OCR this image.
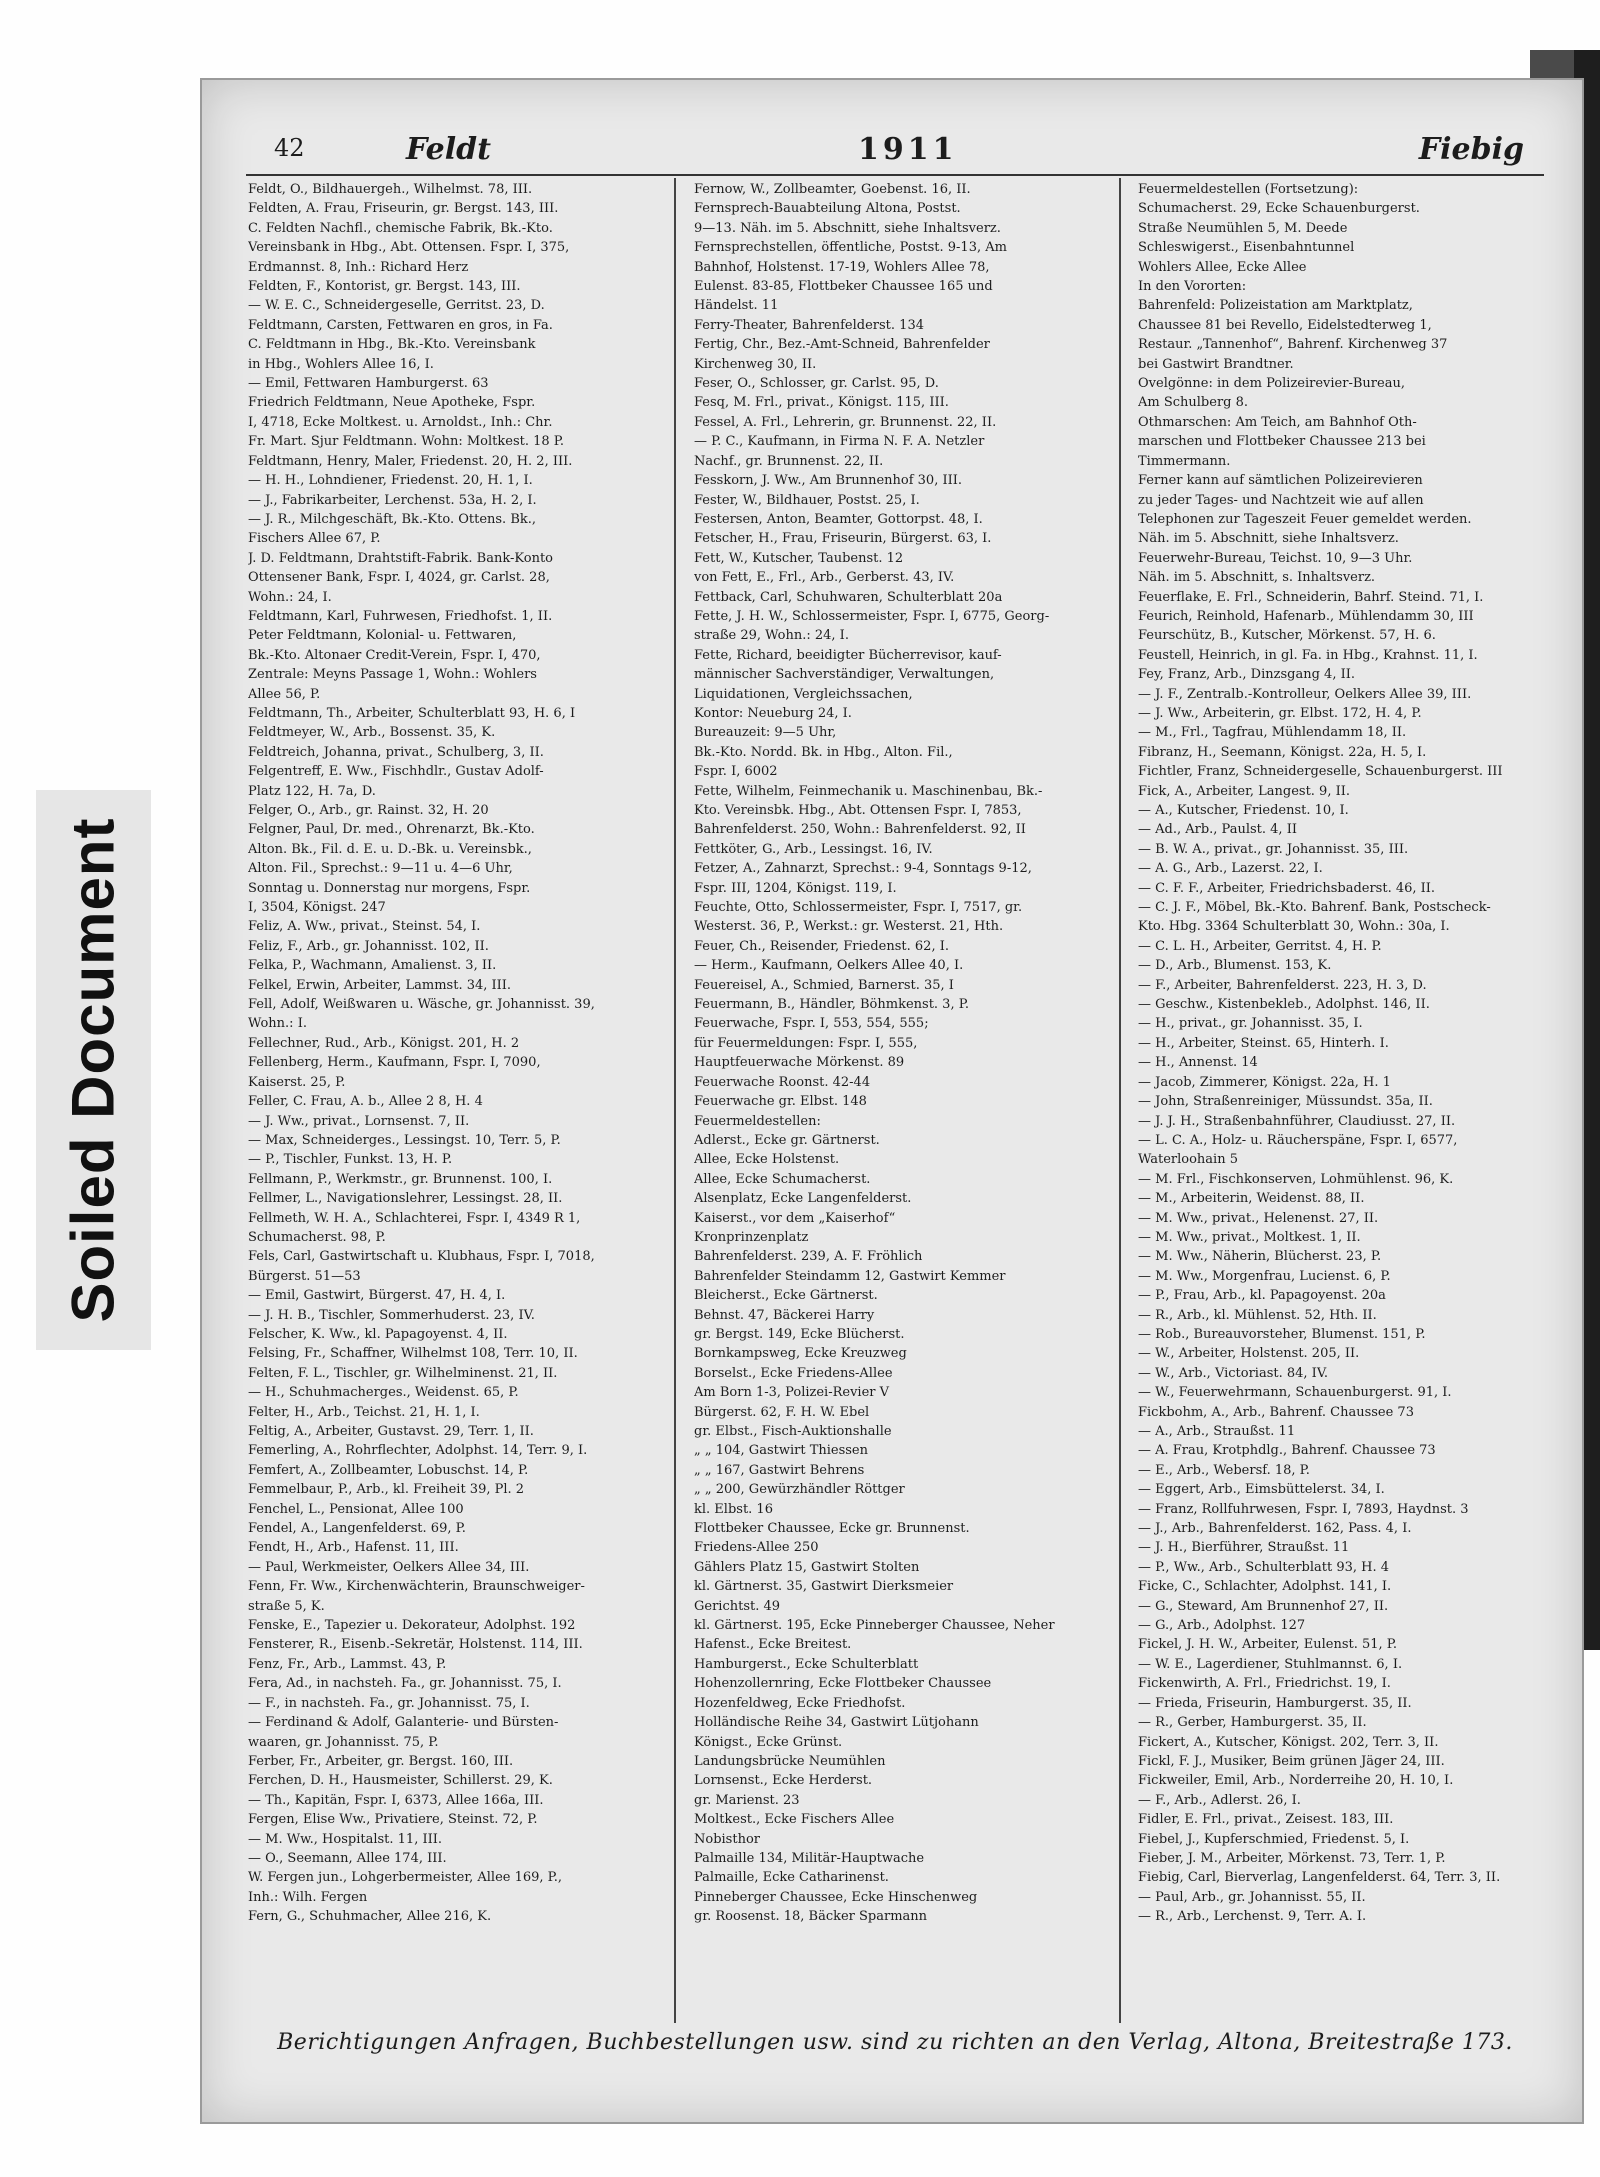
Soiled Document
42	Feldt	1911	Fiebig
Feldt, O., Bildhauergeh., Wilhelmst. 78, III.
Feldten, A. Frau, Friseurin, gr. Bergst. 143, III.
C. Feldten Nachfl., chemische Fabrik, Bk.-Kto.
Vereinsbank in Hbg., Abt. Ottensen. Fspr. I, 375,
Erdmannst. 8, Inh.: Richard Herz
Feldten, F., Kontorist, gr. Bergst. 143, III.
— W. E. C., Schneidergeselle, Gerritst. 23, D.
Feldtmann, Carsten, Fettwaren en gros, in Fa.
C. Feldtmann in Hbg., Bk.-Kto. Vereinsbank
in Hbg., Wohlers Allee 16, I.
— Emil, Fettwaren Hamburgerst. 63
Friedrich Feldtmann, Neue Apotheke, Fspr.
I, 4718, Ecke Moltkest. u. Arnoldst., Inh.: Chr.
Fr. Mart. Sjur Feldtmann. Wohn: Moltkest. 18 P.
Feldtmann, Henry, Maler, Friedenst. 20, H. 2, III.
— H. H., Lohndiener, Friedenst. 20, H. 1, I.
— J., Fabrikarbeiter, Lerchenst. 53a, H. 2, I.
— J. R., Milchgeschäft, Bk.-Kto. Ottens. Bk.,
Fischers Allee 67, P.
J. D. Feldtmann, Drahtstift-Fabrik. Bank-Konto
Ottensener Bank, Fspr. I, 4024, gr. Carlst. 28,
Wohn.: 24, I.
Feldtmann, Karl, Fuhrwesen, Friedhofst. 1, II.
Peter Feldtmann, Kolonial- u. Fettwaren,
Bk.-Kto. Altonaer Credit-Verein, Fspr. I, 470,
Zentrale: Meyns Passage 1, Wohn.: Wohlers
Allee 56, P.
Feldtmann, Th., Arbeiter, Schulterblatt 93, H. 6, I
Feldtmeyer, W., Arb., Bossenst. 35, K.
Feldtreich, Johanna, privat., Schulberg, 3, II.
Felgentreff, E. Ww., Fischhdlr., Gustav Adolf-
Platz 122, H. 7a, D.
Felger, O., Arb., gr. Rainst. 32, H. 20
Felgner, Paul, Dr. med., Ohrenarzt, Bk.-Kto.
Alton. Bk., Fil. d. E. u. D.-Bk. u. Vereinsbk.,
Alton. Fil., Sprechst.: 9—11 u. 4—6 Uhr,
Sonntag u. Donnerstag nur morgens, Fspr.
I, 3504, Königst. 247
Feliz, A. Ww., privat., Steinst. 54, I.
Feliz, F., Arb., gr. Johannisst. 102, II.
Felka, P., Wachmann, Amalienst. 3, II.
Felkel, Erwin, Arbeiter, Lammst. 34, III.
Fell, Adolf, Weißwaren u. Wäsche, gr. Johannisst. 39,
Wohn.: I.
Fellechner, Rud., Arb., Königst. 201, H. 2
Fellenberg, Herm., Kaufmann, Fspr. I, 7090,
Kaiserst. 25, P.
Feller, C. Frau, A. b., Allee 2 8, H. 4
— J. Ww., privat., Lornsenst. 7, II.
— Max, Schneiderges., Lessingst. 10, Terr. 5, P.
— P., Tischler, Funkst. 13, H. P.
Fellmann, P., Werkmstr., gr. Brunnenst. 100, I.
Fellmer, L., Navigationslehrer, Lessingst. 28, II.
Fellmeth, W. H. A., Schlachterei, Fspr. I, 4349 R 1,
Schumacherst. 98, P.
Fels, Carl, Gastwirtschaft u. Klubhaus, Fspr. I, 7018,
Bürgerst. 51—53
— Emil, Gastwirt, Bürgerst. 47, H. 4, I.
— J. H. B., Tischler, Sommerhuderst. 23, IV.
Felscher, K. Ww., kl. Papagoyenst. 4, II.
Felsing, Fr., Schaffner, Wilhelmst 108, Terr. 10, II.
Felten, F. L., Tischler, gr. Wilhelminenst. 21, II.
— H., Schuhmacherges., Weidenst. 65, P.
Felter, H., Arb., Teichst. 21, H. 1, I.
Feltig, A., Arbeiter, Gustavst. 29, Terr. 1, II.
Femerling, A., Rohrflechter, Adolphst. 14, Terr. 9, I.
Femfert, A., Zollbeamter, Lobuschst. 14, P.
Femmelbaur, P., Arb., kl. Freiheit 39, Pl. 2
Fenchel, L., Pensionat, Allee 100
Fendel, A., Langenfelderst. 69, P.
Fendt, H., Arb., Hafenst. 11, III.
— Paul, Werkmeister, Oelkers Allee 34, III.
Fenn, Fr. Ww., Kirchenwächterin, Braunschweiger-
straße 5, K.
Fenske, E., Tapezier u. Dekorateur, Adolphst. 192
Fensterer, R., Eisenb.-Sekretär, Holstenst. 114, III.
Fenz, Fr., Arb., Lammst. 43, P.
Fera, Ad., in nachsteh. Fa., gr. Johannisst. 75, I.
— F., in nachsteh. Fa., gr. Johannisst. 75, I.
— Ferdinand & Adolf, Galanterie- und Bürsten-
waaren, gr. Johannisst. 75, P.
Ferber, Fr., Arbeiter, gr. Bergst. 160, III.
Ferchen, D. H., Hausmeister, Schillerst. 29, K.
— Th., Kapitän, Fspr. I, 6373, Allee 166a, III.
Fergen, Elise Ww., Privatiere, Steinst. 72, P.
— M. Ww., Hospitalst. 11, III.
— O., Seemann, Allee 174, III.
W. Fergen jun., Lohgerbermeister, Allee 169, P.,
Inh.: Wilh. Fergen
Fern, G., Schuhmacher, Allee 216, K.
Fernow, W., Zollbeamter, Goebenst. 16, II.
Fernsprech-Bauabteilung Altona, Postst.
9—13. Näh. im 5. Abschnitt, siehe Inhaltsverz.
Fernsprechstellen, öffentliche, Postst. 9-13, Am
Bahnhof, Holstenst. 17-19, Wohlers Allee 78,
Eulenst. 83-85, Flottbeker Chaussee 165 und
Händelst. 11
Ferry-Theater, Bahrenfelderst. 134
Fertig, Chr., Bez.-Amt-Schneid, Bahrenfelder
Kirchenweg 30, II.
Feser, O., Schlosser, gr. Carlst. 95, D.
Fesq, M. Frl., privat., Königst. 115, III.
Fessel, A. Frl., Lehrerin, gr. Brunnenst. 22, II.
— P. C., Kaufmann, in Firma N. F. A. Netzler
Nachf., gr. Brunnenst. 22, II.
Fesskorn, J. Ww., Am Brunnenhof 30, III.
Fester, W., Bildhauer, Postst. 25, I.
Festersen, Anton, Beamter, Gottorpst. 48, I.
Fetscher, H., Frau, Friseurin, Bürgerst. 63, I.
Fett, W., Kutscher, Taubenst. 12
von Fett, E., Frl., Arb., Gerberst. 43, IV.
Fettback, Carl, Schuhwaren, Schulterblatt 20a
Fette, J. H. W., Schlossermeister, Fspr. I, 6775, Georg-
straße 29, Wohn.: 24, I.
Fette, Richard, beeidigter Bücherrevisor, kauf-
männischer Sachverständiger, Verwaltungen,
Liquidationen, Vergleichssachen,
Kontor: Neueburg 24, I.
Bureauzeit: 9—5 Uhr,
Bk.-Kto. Nordd. Bk. in Hbg., Alton. Fil.,
Fspr. I, 6002
Fette, Wilhelm, Feinmechanik u. Maschinenbau, Bk.-
Kto. Vereinsbk. Hbg., Abt. Ottensen Fspr. I, 7853,
Bahrenfelderst. 250, Wohn.: Bahrenfelderst. 92, II
Fettköter, G., Arb., Lessingst. 16, IV.
Fetzer, A., Zahnarzt, Sprechst.: 9-4, Sonntags 9-12,
Fspr. III, 1204, Königst. 119, I.
Feuchte, Otto, Schlossermeister, Fspr. I, 7517, gr.
Westerst. 36, P., Werkst.: gr. Westerst. 21, Hth.
Feuer, Ch., Reisender, Friedenst. 62, I.
— Herm., Kaufmann, Oelkers Allee 40, I.
Feuereisel, A., Schmied, Barnerst. 35, I
Feuermann, B., Händler, Böhmkenst. 3, P.
Feuerwache, Fspr. I, 553, 554, 555;
für Feuermeldungen: Fspr. I, 555,
Hauptfeuerwache Mörkenst. 89
Feuerwache Roonst. 42-44
Feuerwache gr. Elbst. 148
Feuermeldestellen:
Adlerst., Ecke gr. Gärtnerst.
Allee, Ecke Holstenst.
Allee, Ecke Schumacherst.
Alsenplatz, Ecke Langenfelderst.
Kaiserst., vor dem „Kaiserhof“
Kronprinzenplatz
Bahrenfelderst. 239, A. F. Fröhlich
Bahrenfelder Steindamm 12, Gastwirt Kemmer
Bleicherst., Ecke Gärtnerst.
Behnst. 47, Bäckerei Harry
gr. Bergst. 149, Ecke Blücherst.
Bornkampsweg, Ecke Kreuzweg
Borselst., Ecke Friedens-Allee
Am Born 1-3, Polizei-Revier V
Bürgerst. 62, F. H. W. Ebel
gr. Elbst., Fisch-Auktionshalle
„ „ 104, Gastwirt Thiessen
„ „ 167, Gastwirt Behrens
„ „ 200, Gewürzhändler Röttger
kl. Elbst. 16
Flottbeker Chaussee, Ecke gr. Brunnenst.
Friedens-Allee 250
Gählers Platz 15, Gastwirt Stolten
kl. Gärtnerst. 35, Gastwirt Dierksmeier
Gerichtst. 49
kl. Gärtnerst. 195, Ecke Pinneberger Chaussee, Neher
Hafenst., Ecke Breitest.
Hamburgerst., Ecke Schulterblatt
Hohenzollernring, Ecke Flottbeker Chaussee
Hozenfeldweg, Ecke Friedhofst.
Holländische Reihe 34, Gastwirt Lütjohann
Königst., Ecke Grünst.
Landungsbrücke Neumühlen
Lornsenst., Ecke Herderst.
gr. Marienst. 23
Moltkest., Ecke Fischers Allee
Nobisthor
Palmaille 134, Militär-Hauptwache
Palmaille, Ecke Catharinenst.
Pinneberger Chaussee, Ecke Hinschenweg
gr. Roosenst. 18, Bäcker Sparmann
Feuermeldestellen (Fortsetzung):
Schumacherst. 29, Ecke Schauenburgerst.
Straße Neumühlen 5, M. Deede
Schleswigerst., Eisenbahntunnel
Wohlers Allee, Ecke Allee
In den Vororten:
Bahrenfeld: Polizeistation am Marktplatz,
Chaussee 81 bei Revello, Eidelstedterweg 1,
Restaur. „Tannenhof“, Bahrenf. Kirchenweg 37
bei Gastwirt Brandtner.
Ovelgönne: in dem Polizeirevier-Bureau,
Am Schulberg 8.
Othmarschen: Am Teich, am Bahnhof Oth-
marschen und Flottbeker Chaussee 213 bei
Timmermann.
Ferner kann auf sämtlichen Polizeirevieren
zu jeder Tages- und Nachtzeit wie auf allen
Telephonen zur Tageszeit Feuer gemeldet werden.
Näh. im 5. Abschnitt, siehe Inhaltsverz.
Feuerwehr-Bureau, Teichst. 10, 9—3 Uhr.
Näh. im 5. Abschnitt, s. Inhaltsverz.
Feuerflake, E. Frl., Schneiderin, Bahrf. Steind. 71, I.
Feurich, Reinhold, Hafenarb., Mühlendamm 30, III
Feurschütz, B., Kutscher, Mörkenst. 57, H. 6.
Feustell, Heinrich, in gl. Fa. in Hbg., Krahnst. 11, I.
Fey, Franz, Arb., Dinzsgang 4, II.
— J. F., Zentralb.-Kontrolleur, Oelkers Allee 39, III.
— J. Ww., Arbeiterin, gr. Elbst. 172, H. 4, P.
— M., Frl., Tagfrau, Mühlendamm 18, II.
Fibranz, H., Seemann, Königst. 22a, H. 5, I.
Fichtler, Franz, Schneidergeselle, Schauenburgerst. III
Fick, A., Arbeiter, Langest. 9, II.
— A., Kutscher, Friedenst. 10, I.
— Ad., Arb., Paulst. 4, II
— B. W. A., privat., gr. Johannisst. 35, III.
— A. G., Arb., Lazerst. 22, I.
— C. F. F., Arbeiter, Friedrichsbaderst. 46, II.
— C. J. F., Möbel, Bk.-Kto. Bahrenf. Bank, Postscheck-
Kto. Hbg. 3364 Schulterblatt 30, Wohn.: 30a, I.
— C. L. H., Arbeiter, Gerritst. 4, H. P.
— D., Arb., Blumenst. 153, K.
— F., Arbeiter, Bahrenfelderst. 223, H. 3, D.
— Geschw., Kistenbekleb., Adolphst. 146, II.
— H., privat., gr. Johannisst. 35, I.
— H., Arbeiter, Steinst. 65, Hinterh. I.
— H., Annenst. 14
— Jacob, Zimmerer, Königst. 22a, H. 1
— John, Straßenreiniger, Müssundst. 35a, II.
— J. J. H., Straßenbahnführer, Claudiusst. 27, II.
— L. C. A., Holz- u. Räucherspäne, Fspr. I, 6577,
Waterloohain 5
— M. Frl., Fischkonserven, Lohmühlenst. 96, K.
— M., Arbeiterin, Weidenst. 88, II.
— M. Ww., privat., Helenenst. 27, II.
— M. Ww., privat., Moltkest. 1, II.
— M. Ww., Näherin, Blücherst. 23, P.
— M. Ww., Morgenfrau, Lucienst. 6, P.
— P., Frau, Arb., kl. Papagoyenst. 20a
— R., Arb., kl. Mühlenst. 52, Hth. II.
— Rob., Bureauvorsteher, Blumenst. 151, P.
— W., Arbeiter, Holstenst. 205, II.
— W., Arb., Victoriast. 84, IV.
— W., Feuerwehrmann, Schauenburgerst. 91, I.
Fickbohm, A., Arb., Bahrenf. Chaussee 73
— A., Arb., Straußst. 11
— A. Frau, Krotphdlg., Bahrenf. Chaussee 73
— E., Arb., Webersf. 18, P.
— Eggert, Arb., Eimsbüttelerst. 34, I.
— Franz, Rollfuhrwesen, Fspr. I, 7893, Haydnst. 3
— J., Arb., Bahrenfelderst. 162, Pass. 4, I.
— J. H., Bierführer, Straußst. 11
— P., Ww., Arb., Schulterblatt 93, H. 4
Ficke, C., Schlachter, Adolphst. 141, I.
— G., Steward, Am Brunnenhof 27, II.
— G., Arb., Adolphst. 127
Fickel, J. H. W., Arbeiter, Eulenst. 51, P.
— W. E., Lagerdiener, Stuhlmannst. 6, I.
Fickenwirth, A. Frl., Friedrichst. 19, I.
— Frieda, Friseurin, Hamburgerst. 35, II.
— R., Gerber, Hamburgerst. 35, II.
Fickert, A., Kutscher, Königst. 202, Terr. 3, II.
Fickl, F. J., Musiker, Beim grünen Jäger 24, III.
Fickweiler, Emil, Arb., Norderreihe 20, H. 10, I.
— F., Arb., Adlerst. 26, I.
Fidler, E. Frl., privat., Zeisest. 183, III.
Fiebel, J., Kupferschmied, Friedenst. 5, I.
Fieber, J. M., Arbeiter, Mörkenst. 73, Terr. 1, P.
Fiebig, Carl, Bierverlag, Langenfelderst. 64, Terr. 3, II.
— Paul, Arb., gr. Johannisst. 55, II.
— R., Arb., Lerchenst. 9, Terr. A. I.
Berichtigungen Anfragen, Buchbestellungen usw. sind zu richten an den Verlag, Altona, Breitestraße 173.
